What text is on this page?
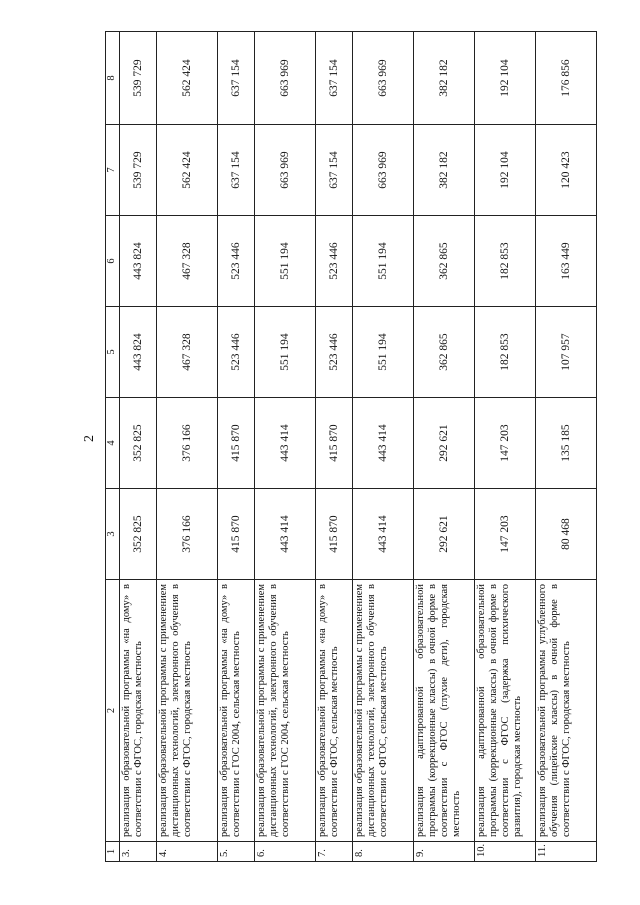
2
1	2	3	4	5	6	7	8
3.	реализация образовательной программы «на дому» в соответствии с ФГОС, городская местность	352 825	352 825	443 824	443 824	539 729	539 729
4.	реализация образовательной программы с применением дистанционных технологий, электронного обучения в соответствии с ФГОС, городская местность	376 166	376 166	467 328	467 328	562 424	562 424
5.	реализация образовательной программы «на дому» в соответствии с ГОС 2004, сельская местность	415 870	415 870	523 446	523 446	637 154	637 154
6.	реализация образовательной программы с применением дистанционных технологий, электронного обучения в соответствии с ГОС 2004, сельская местность	443 414	443 414	551 194	551 194	663 969	663 969
7.	реализация образовательной программы «на дому» в соответствии с ФГОС, сельская местность	415 870	415 870	523 446	523 446	637 154	637 154
8.	реализация образовательной программы с применением дистанционных технологий, электронного обучения в соответствии с ФГОС, сельская местность	443 414	443 414	551 194	551 194	663 969	663 969
9.	реализация адаптированной образовательной программы (коррекционные классы) в очной форме в соответствии с ФГОС (глухие дети), городская местность	292 621	292 621	362 865	362 865	382 182	382 182
10.	реализация адаптированной образовательной программы (коррекционные классы) в очной форме в соответствии с ФГОС (задержка психического развития), городская местность	147 203	147 203	182 853	182 853	192 104	192 104
11.	реализация образовательной программы углубленного обучения (лицейские классы) в очной форме в соответствии с ФГОС, городская местность	80 468	135 185	107 957	163 449	120 423	176 856
